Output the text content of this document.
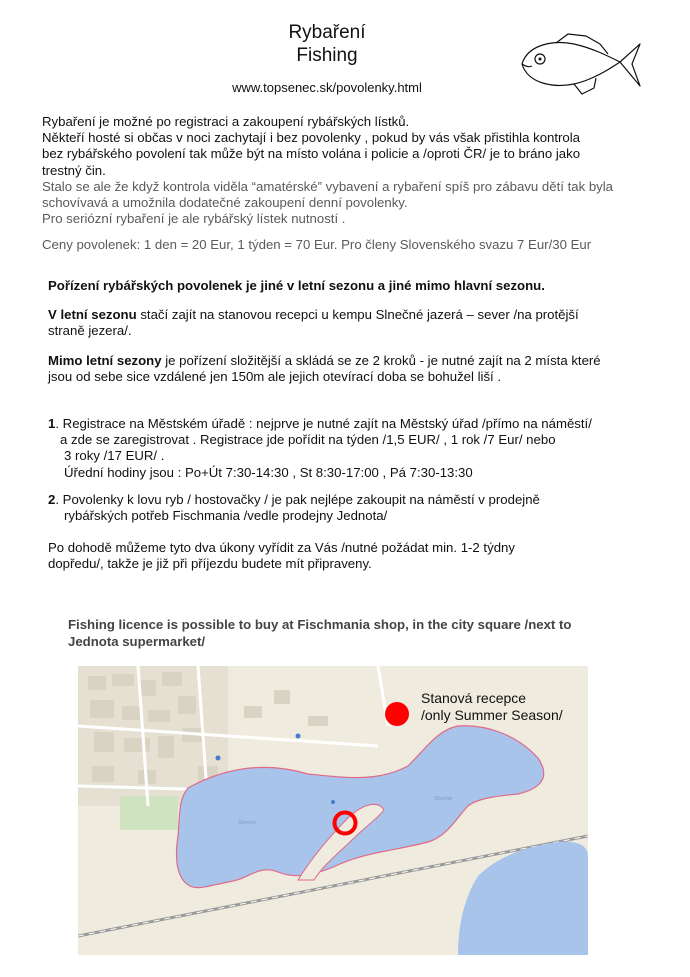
Rybaření
Fishing
www.topsenec.sk/povolenky.html
Rybaření je možné po registraci a zakoupení rybářských lístků.
Někteří hosté si občas v noci zachytají i bez povolenky , pokud by vás však přistihla kontrola
bez rybářského povolení tak může být na místo volána i policie a /oproti ČR/ je to bráno jako
trestný čin.
Stalo se ale že když kontrola viděla “amatérské” vybavení a rybaření spíš pro zábavu dětí tak byla
schovívavá a umožnila dodatečné zakoupení denní povolenky.
Pro seriózní rybaření je ale rybářský lístek nutností .
Ceny povolenek: 1 den = 20 Eur, 1 týden = 70 Eur. Pro členy Slovenského svazu 7 Eur/30 Eur
Pořízení rybářských povolenek je jiné v letní sezonu a jiné mimo hlavní sezonu.
V letní sezonu stačí zajít na stanovou recepci u kempu Slnečné jazerá – sever /na protější
straně jezera/.
Mimo letní sezony je pořízení složitější a skládá se ze 2 kroků - je nutné zajít na 2 místa které
jsou od sebe sice vzdálené jen 150m ale jejich otevírací doba se bohužel liší .
1. Registrace na Městském úřadě : nejprve je nutné zajít na Městský úřad /přímo na náměstí/
a zde se zaregistrovat . Registrace jde pořídit na týden /1,5 EUR/ , 1 rok /7 Eur/ nebo
3 roky /17 EUR/ .
Úřední hodiny jsou : Po+Út 7:30-14:30 , St 8:30-17:00 , Pá 7:30-13:30
2. Povolenky k lovu ryb / hostovačky / je pak nejlépe zakoupit na náměstí v prodejně
rybářských potřeb Fischmania /vedle prodejny Jednota/
Po dohodě můžeme tyto dva úkony vyřídit za Vás /nutné požádat min. 1-2 týdny
dopředu/, takže je již při příjezdu budete mít připraveny.
Fishing licence is possible to buy at Fischmania shop, in the city square /next to
Jednota supermarket/
Slnečné
Slnečné
Stanová recepce
/only Summer Season/
